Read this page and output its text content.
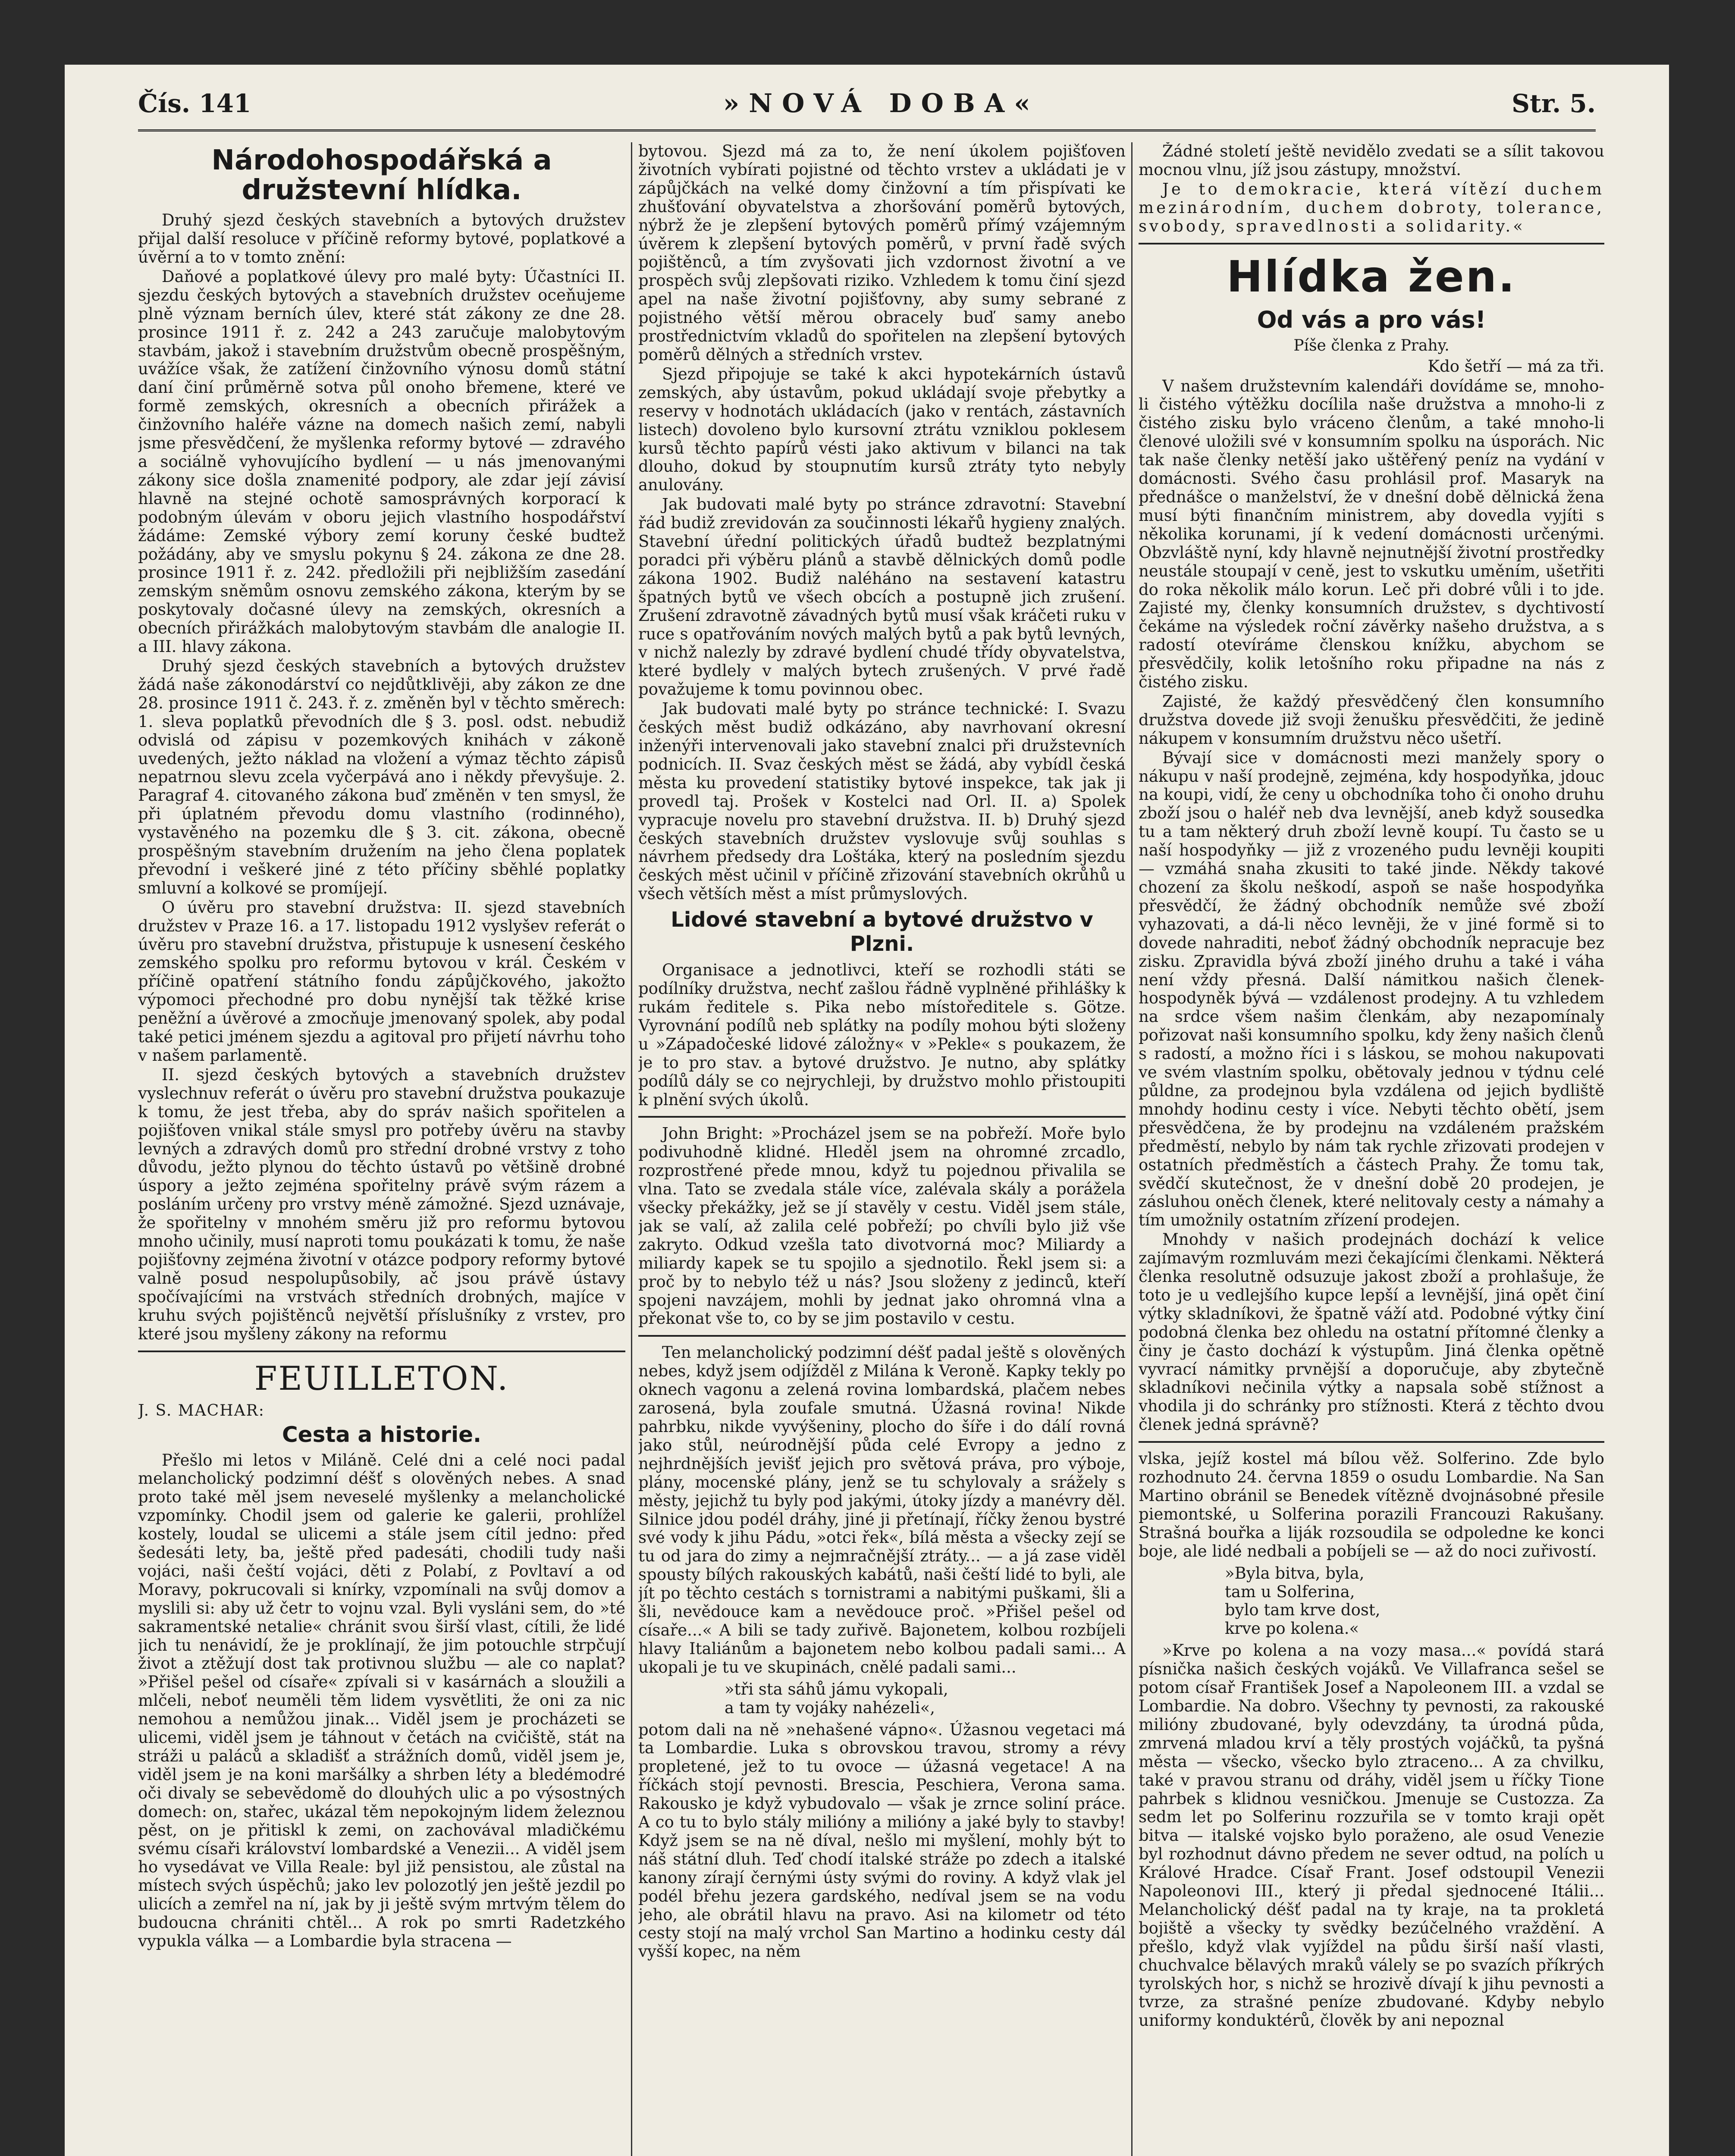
Čís. 141	»NOVÁ DOBA«	Str. 5.
Národohospodářská a družstevní hlídka.

Druhý sjezd českých stavebních a bytových družstev přijal další resoluce v příčině reformy bytové, poplatkové a úvěrní a to v tomto znění:

Daňové a poplatkové úlevy pro malé byty: Účastníci II. sjezdu českých bytových a stavebních družstev oceňujeme plně význam berních úlev, které stát zákony ze dne 28. prosince 1911 ř. z. 242 a 243 zaručuje malobytovým stavbám, jakož i stavebním družstvům obecně prospěšným, uvážíce však, že zatížení činžovního výnosu domů státní daní činí průměrně sotva půl onoho břemene, které ve formě zemských, okresních a obecních přirážek a činžovního haléře vázne na domech našich zemí, nabyli jsme přesvědčení, že myšlenka reformy bytové — zdravého a sociálně vyhovujícího bydlení — u nás jmenovanými zákony sice došla znamenité podpory, ale zdar její závisí hlavně na stejné ochotě samosprávných korporací k podobným úlevám v oboru jejich vlastního hospodářství žádáme: Zemské výbory zemí koruny české budtež požádány, aby ve smyslu pokynu § 24. zákona ze dne 28. prosince 1911 ř. z. 242. předložili při nejbližším zasedání zemským sněmům osnovu zemského zákona, kterým by se poskytovaly dočasné úlevy na zemských, okresních a obecních přirážkách malobytovým stavbám dle analogie II. a III. hlavy zákona.

Druhý sjezd českých stavebních a bytových družstev žádá naše zákonodárství co nejdůtklivěji, aby zákon ze dne 28. prosince 1911 č. 243. ř. z. změněn byl v těchto směrech: 1. sleva poplatků převodních dle § 3. posl. odst. nebudiž odvislá od zápisu v pozemkových knihách v zákoně uvedených, ježto náklad na vložení a výmaz těchto zápisů nepatrnou slevu zcela vyčerpává ano i někdy převyšuje. 2. Paragraf 4. citovaného zákona buď změněn v ten smysl, že při úplatném převodu domu vlastního (rodinného), vystavěného na pozemku dle § 3. cit. zákona, obecně prospěšným stavebním družením na jeho člena poplatek převodní i veškeré jiné z této příčiny sběhlé poplatky smluvní a kolkové se promíjejí.

O úvěru pro stavební družstva: II. sjezd stavebních družstev v Praze 16. a 17. listopadu 1912 vyslyšev referát o úvěru pro stavební družstva, přistupuje k usnesení českého zemského spolku pro reformu bytovou v král. Českém v příčině opatření státního fondu zápůjčkového, jakožto výpomoci přechodné pro dobu nynější tak těžké krise peněžní a úvěrové a zmocňuje jmenovaný spolek, aby podal také petici jménem sjezdu a agitoval pro přijetí návrhu toho v našem parlamentě.

II. sjezd českých bytových a stavebních družstev vyslechnuv referát o úvěru pro stavební družstva poukazuje k tomu, že jest třeba, aby do správ našich spořitelen a pojišťoven vnikal stále smysl pro potřeby úvěru na stavby levných a zdravých domů pro střední drobné vrstvy z toho důvodu, ježto plynou do těchto ústavů po většině drobné úspory a ježto zejména spořitelny právě svým rázem a posláním určeny pro vrstvy méně zámožné. Sjezd uznávaje, že spořitelny v mnohém směru již pro reformu bytovou mnoho učinily, musí naproti tomu poukázati k tomu, že naše pojišťovny zejména životní v otázce podpory reformy bytové valně posud nespolupůsobily, ač jsou právě ústavy spočívajícími na vrstvách středních drobných, majíce v kruhu svých pojištěnců největší příslušníky z vrstev, pro které jsou myšleny zákony na reformu

FEUILLETON.
J. S. MACHAR:
Cesta a historie.

Přešlo mi letos v Miláně. Celé dni a celé noci padal melancholický podzimní déšť s olověných nebes. A snad proto také měl jsem neveselé myšlenky a melancholické vzpomínky. Chodil jsem od galerie ke galerii, prohlížel kostely, loudal se ulicemi a stále jsem cítil jedno: před šedesáti lety, ba, ještě před padesáti, chodili tudy naši vojáci, naši čeští vojáci, děti z Polabí, z Povltaví a od Moravy, pokrucovali si knírky, vzpomínali na svůj domov a myslili si: aby už četr to vojnu vzal. Byli vysláni sem, do »té sakramentské netalie« chránit svou širší vlast, cítili, že lidé jich tu nenávidí, že je proklínají, že jim potouchle strpčují život a ztěžují dost tak protivnou službu — ale co naplat? »Přišel pešel od císaře« zpívali si v kasárnách a sloužili a mlčeli, neboť neuměli těm lidem vysvětliti, že oni za nic nemohou a nemůžou jinak... Viděl jsem je procházeti se ulicemi, viděl jsem je táhnout v četách na cvičiště, stát na stráži u paláců a skladišť a strážních domů, viděl jsem je, viděl jsem je na koni maršálky a shrben léty a bledémodré oči divaly se sebevědomě do dlouhých ulic a po výsostných domech: on, stařec, ukázal těm nepokojným lidem železnou pěst, on je přitiskl k zemi, on zachovával mladičkému svému císaři království lombardské a Venezii... A viděl jsem ho vysedávat ve Villa Reale: byl již pensistou, ale zůstal na místech svých úspěchů; jako lev polozotlý jen ještě jezdil po ulicích a zemřel na ní, jak by ji ještě svým mrtvým tělem do budoucna chrániti chtěl... A rok po smrti Radetzkého vypukla válka — a Lombardie byla stracena —

bytovou. Sjezd má za to, že není úkolem pojišťoven životních vybírati pojistné od těchto vrstev a ukládati je v zápůjčkách na velké domy činžovní a tím přispívati ke zhušťování obyvatelstva a zhoršování poměrů bytových, nýbrž že je zlepšení bytových poměrů přímý vzájemným úvěrem k zlepšení bytových poměrů, v první řadě svých pojištěnců, a tím zvyšovati jich vzdornost životní a ve prospěch svůj zlepšovati riziko. Vzhledem k tomu činí sjezd apel na naše životní pojišťovny, aby sumy sebrané z pojistného větší měrou obracely buď samy anebo prostřednictvím vkladů do spořitelen na zlepšení bytových poměrů dělných a středních vrstev.

Sjezd připojuje se také k akci hypotekárních ústavů zemských, aby ústavům, pokud ukládají svoje přebytky a reservy v hodnotách ukládacích (jako v rentách, zástavních listech) dovoleno bylo kursovní ztrátu vzniklou poklesem kursů těchto papírů vésti jako aktivum v bilanci na tak dlouho, dokud by stoupnutím kursů ztráty tyto nebyly anulovány.

Jak budovati malé byty po stránce zdravotní: Stavební řád budiž zrevidován za součinnosti lékařů hygieny znalých. Stavební úřední politických úřadů budtež bezplatnými poradci při výběru plánů a stavbě dělnických domů podle zákona 1902. Budiž naléháno na sestavení katastru špatných bytů ve všech obcích a postupně jich zrušení. Zrušení zdravotně závadných bytů musí však kráčeti ruku v ruce s opatřováním nových malých bytů a pak bytů levných, v nichž nalezly by zdravé bydlení chudé třídy obyvatelstva, které bydlely v malých bytech zrušených. V prvé řadě považujeme k tomu povinnou obec.

Jak budovati malé byty po stránce technické: I. Svazu českých měst budiž odkázáno, aby navrhovaní okresní inženýři intervenovali jako stavební znalci při družstevních podnicích. II. Svaz českých měst se žádá, aby vybídl česká města ku provedení statistiky bytové inspekce, tak jak ji provedl taj. Prošek v Kostelci nad Orl. II. a) Spolek vypracuje novelu pro stavební družstva. II. b) Druhý sjezd českých stavebních družstev vyslovuje svůj souhlas s návrhem předsedy dra Loštáka, který na posledním sjezdu českých měst učinil v příčině zřizování stavebních okrůhů u všech větších měst a míst průmyslových.

Lidové stavební a bytové družstvo v Plzni.

Organisace a jednotlivci, kteří se rozhodli státi se podílníky družstva, nechť zašlou řádně vyplněné přihlášky k rukám ředitele s. Pika nebo místoředitele s. Götze. Vyrovnání podílů neb splátky na podíly mohou býti složeny u »Západočeské lidové záložny« v »Pekle« s poukazem, že je to pro stav. a bytové družstvo. Je nutno, aby splátky podílů dály se co nejrychleji, by družstvo mohlo přistoupiti k plnění svých úkolů.

John Bright: »Procházel jsem se na pobřeží. Moře bylo podivuhodně klidné. Hleděl jsem na ohromné zrcadlo, rozprostřené přede mnou, když tu pojednou přivalila se vlna. Tato se zvedala stále více, zalévala skály a porážela všecky překážky, jež se jí stavěly v cestu. Viděl jsem stále, jak se valí, až zalila celé pobřeží; po chvíli bylo již vše zakryto. Odkud vzešla tato divotvorná moc? Miliardy a miliardy kapek se tu spojilo a sjednotilo. Řekl jsem si: a proč by to nebylo též u nás? Jsou složeny z jedinců, kteří spojeni navzájem, mohli by jednat jako ohromná vlna a překonat vše to, co by se jim postavilo v cestu.

Ten melancholický podzimní déšť padal ještě s olověných nebes, když jsem odjížděl z Milána k Veroně. Kapky tekly po oknech vagonu a zelená rovina lombardská, plačem nebes zarosená, byla zoufale smutná. Úžasná rovina! Nikde pahrbku, nikde vyvýšeniny, plocho do šíře i do dálí rovná jako stůl, neúrodnější půda celé Evropy a jedno z nejhrdnějších jevišť jejich pro světová práva, pro výboje, plány, mocenské plány, jenž se tu schylovaly a srážely s městy, jejichž tu byly pod jakými, útoky jízdy a manévry děl. Silnice jdou podél dráhy, jiné ji přetínají, říčky ženou bystré své vody k jihu Pádu, »otci řek«, bílá města a všecky zejí se tu od jara do zimy a nejmračnější ztráty... — a já zase viděl spousty bílých rakouských kabátů, naši čeští lidé to byli, ale jít po těchto cestách s tornistrami a nabitými puškami, šli a šli, nevědouce kam a nevědouce proč. »Přišel pešel od císaře...« A bili se tady zuřivě. Bajonetem, kolbou rozbíjeli hlavy Italiánům a bajonetem nebo kolbou padali sami... A ukopali je tu ve skupinách, cnělé padali sami...

»tři sta sáhů jámu vykopali,
a tam ty vojáky nahézeli«,

potom dali na ně »nehašené vápno«. Úžasnou vegetaci má ta Lombardie. Luka s obrovskou travou, stromy a révy propletené, jež to tu ovoce — úžasná vegetace! A na říčkách stojí pevnosti. Brescia, Peschiera, Verona sama. Rakousko je když vybudovalo — však je zrnce soliní práce. A co tu to bylo stály milióny a milióny a jaké byly to stavby! Když jsem se na ně díval, nešlo mi myšlení, mohly být to náš státní dluh. Teď chodí italské stráže po zdech a italské kanony zírají černými ústy svými do roviny. A když vlak jel podél břehu jezera gardského, nedíval jsem se na vodu jeho, ale obrátil hlavu na pravo. Asi na kilometr od této cesty stojí na malý vrchol San Martino a hodinku cesty dál vyšší kopec, na něm

Žádné století ještě nevidělo zvedati se a sílit takovou mocnou vlnu, jíž jsou zástupy, množství.

Je to demokracie, která vítězí duchem mezinárodním, duchem dobroty, tolerance, svobody, spravedlnosti a solidarity.«

Hlídka žen.
Od vás a pro vás!
Píše členka z Prahy.
Kdo šetří — má za tři.

V našem družstevním kalendáři dovídáme se, mnoho-li čistého výtěžku docílila naše družstva a mnoho-li z čistého zisku bylo vráceno členům, a také mnoho-li členové uložili své v konsumním spolku na úsporách. Nic tak naše členky netěší jako uštěřený peníz na vydání v domácnosti. Svého času prohlásil prof. Masaryk na přednášce o manželství, že v dnešní době dělnická žena musí býti finančním ministrem, aby dovedla vyjíti s několika korunami, jí k vedení domácnosti určenými. Obzvláště nyní, kdy hlavně nejnutnější životní prostředky neustále stoupají v ceně, jest to vskutku uměním, ušetřiti do roka několik málo korun. Leč při dobré vůli i to jde. Zajisté my, členky konsumních družstev, s dychtivostí čekáme na výsledek roční závěrky našeho družstva, a s radostí otevíráme členskou knížku, abychom se přesvědčily, kolik letošního roku připadne na nás z čistého zisku.

Zajisté, že každý přesvědčený člen konsumního družstva dovede již svoji ženušku přesvědčiti, že jedině nákupem v konsumním družstvu něco ušetří.

Bývají sice v domácnosti mezi manžely spory o nákupu v naší prodejně, zejména, kdy hospodyňka, jdouc na koupi, vidí, že ceny u obchodníka toho či onoho druhu zboží jsou o haléř neb dva levnější, aneb když sousedka tu a tam některý druh zboží levně koupí. Tu často se u naší hospodyňky — již z vrozeného pudu levněji koupiti — vzmáhá snaha zkusiti to také jinde. Někdy takové chození za školu neškodí, aspoň se naše hospodyňka přesvědčí, že žádný obchodník nemůže své zboží vyhazovati, a dá-li něco levněji, že v jiné formě si to dovede nahraditi, neboť žádný obchodník nepracuje bez zisku. Zpravidla bývá zboží jiného druhu a také i váha není vždy přesná. Další námitkou našich členek-hospodyněk bývá — vzdálenost prodejny. A tu vzhledem na srdce všem našim členkám, aby nezapomínaly pořizovat naši konsumního spolku, kdy ženy našich členů s radostí, a možno říci i s láskou, se mohou nakupovati ve svém vlastním spolku, obětovaly jednou v týdnu celé půldne, za prodejnou byla vzdálena od jejich bydliště mnohdy hodinu cesty i více. Nebyti těchto obětí, jsem přesvědčena, že by prodejnu na vzdáleném pražském předměstí, nebylo by nám tak rychle zřizovati prodejen v ostatních předměstích a částech Prahy. Že tomu tak, svědčí skutečnost, že v dnešní době 20 prodejen, je zásluhou oněch členek, které nelitovaly cesty a námahy a tím umožnily ostatním zřízení prodejen.

Mnohdy v našich prodejnách dochází k velice zajímavým rozmluvám mezi čekajícími členkami. Některá členka resolutně odsuzuje jakost zboží a prohlašuje, že toto je u vedlejšího kupce lepší a levnější, jiná opět činí výtky skladníkovi, že špatně váží atd. Podobné výtky činí podobná členka bez ohledu na ostatní přítomné členky a činy je často dochází k výstupům. Jiná členka opětně vyvrací námitky prvnější a doporučuje, aby zbytečně skladníkovi nečinila výtky a napsala sobě stížnost a vhodila ji do schránky pro stížnosti. Která z těchto dvou členek jedná správně?

vlska, jejíž kostel má bílou věž. Solferino. Zde bylo rozhodnuto 24. června 1859 o osudu Lombardie. Na San Martino obránil se Benedek vítězně dvojnásobné přesile piemontské, u Solferina porazili Francouzi Rakušany. Strašná bouřka a liják rozsoudila se odpoledne ke konci boje, ale lidé nedbali a pobíjeli se — až do noci zuřivostí.

»Byla bitva, byla,
tam u Solferina,
bylo tam krve dost,
krve po kolena.«

»Krve po kolena a na vozy masa...« povídá stará písnička našich českých vojáků. Ve Villafranca sešel se potom císař František Josef a Napoleonem III. a vzdal se Lombardie. Na dobro. Všechny ty pevnosti, za rakouské milióny zbudované, byly odevzdány, ta úrodná půda, zmrvená mladou krví a těly prostých vojáčků, ta pyšná města — všecko, všecko bylo ztraceno... A za chvilku, také v pravou stranu od dráhy, viděl jsem u říčky Tione pahrbek s klidnou vesničkou. Jmenuje se Custozza. Za sedm let po Solferinu rozzuřila se v tomto kraji opět bitva — italské vojsko bylo poraženo, ale osud Venezie byl rozhodnut dávno předem ne sever odtud, na polích u Králové Hradce. Císař Frant. Josef odstoupil Venezii Napoleonovi III., který ji předal sjednocené Itálii... Melancholický déšť padal na ty kraje, na ta prokletá bojiště a všecky ty svědky bezúčelného vraždění. A přešlo, když vlak vyjíždel na půdu širší naší vlasti, chuchvalce bělavých mraků válely se po svazích příkrých tyrolských hor, s nichž se hrozivě dívají k jihu pevnosti a tvrze, za strašné peníze zbudované. Kdyby nebylo uniformy konduktérů, člověk by ani nepoznal
